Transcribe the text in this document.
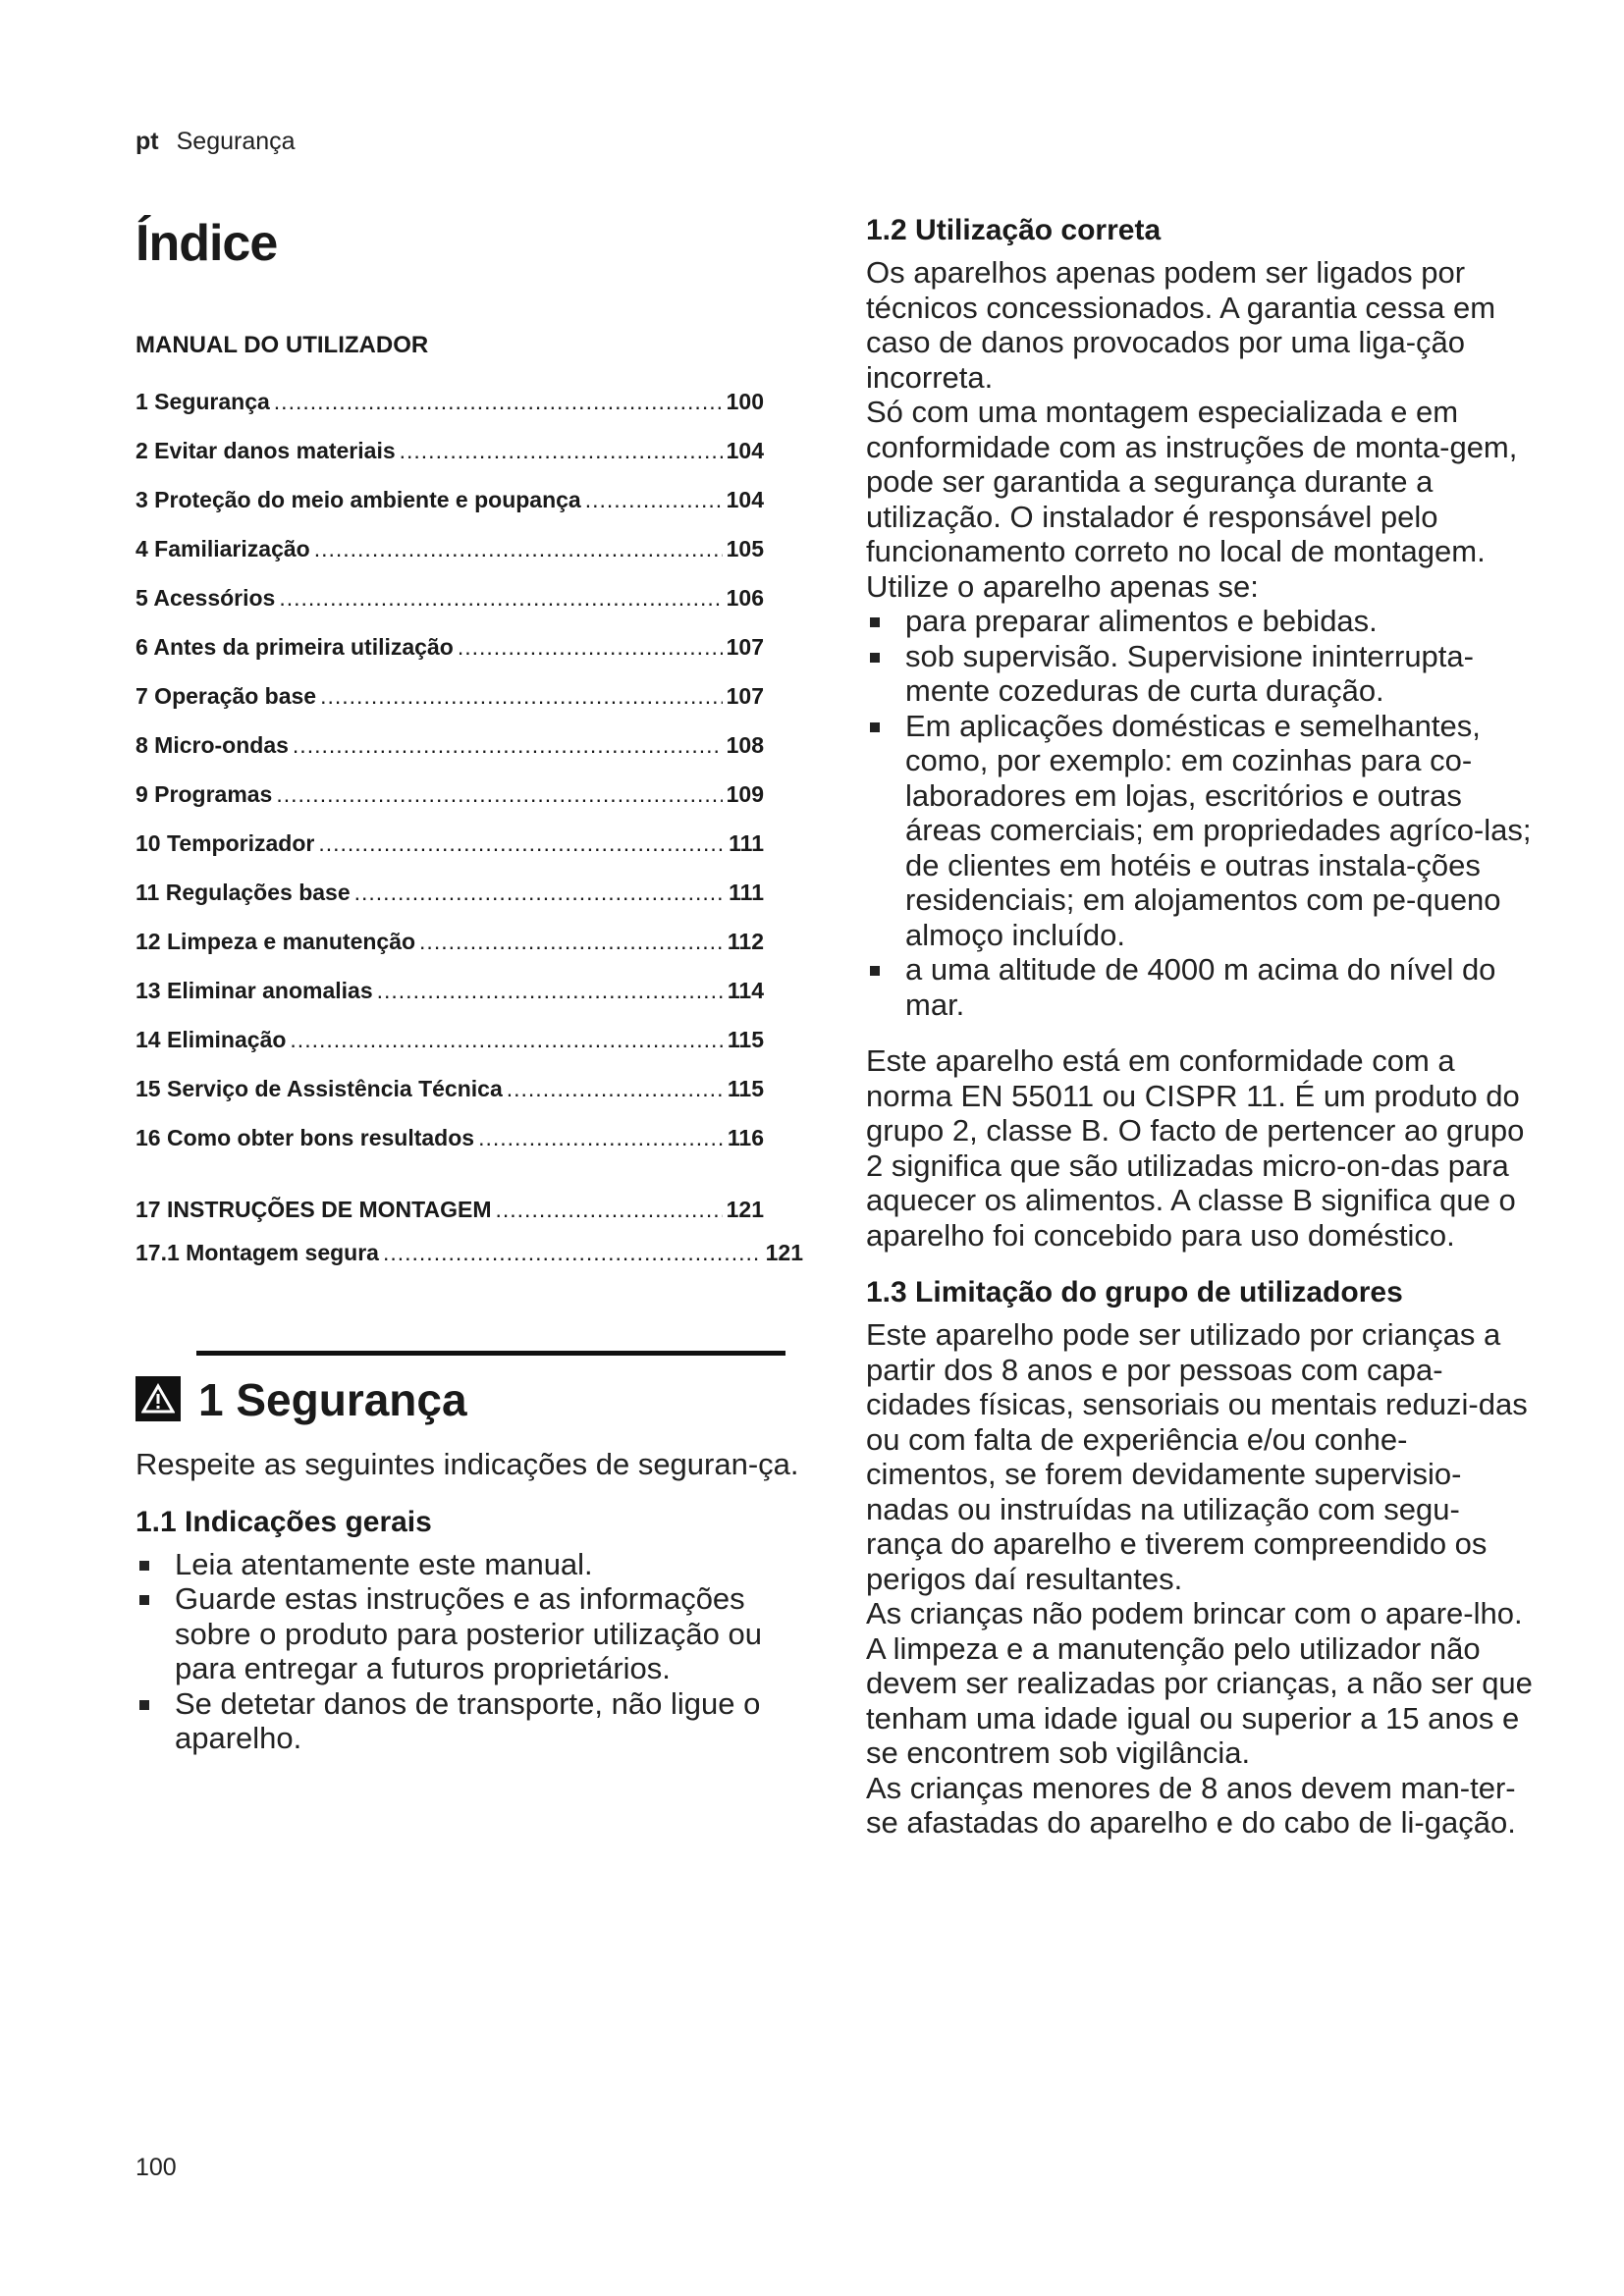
pt Segurança
Índice
MANUAL DO UTILIZADOR
1 Segurança .....	100
2 Evitar danos materiais .....	104
3 Proteção do meio ambiente e poupança .....	104
4 Familiarização .....	105
5 Acessórios .....	106
6 Antes da primeira utilização .....	107
7 Operação base .....	107
8 Micro-ondas .....	108
9 Programas .....	109
10 Temporizador .....	111
11 Regulações base .....	111
12 Limpeza e manutenção .....	112
13 Eliminar anomalias .....	114
14 Eliminação .....	115
15 Serviço de Assistência Técnica .....	115
16 Como obter bons resultados .....	116
17 INSTRUÇÕES DE MONTAGEM .....	121
17.1 Montagem segura .....	121
1 Segurança

Respeite as seguintes indicações de seguran-ça.

1.1 Indicações gerais
Leia atentamente este manual.
Guarde estas instruções e as informações sobre o produto para posterior utilização ou para entregar a futuros proprietários.
Se detetar danos de transporte, não ligue o aparelho.
1.2 Utilização correta

Os aparelhos apenas podem ser ligados por técnicos concessionados. A garantia cessa em caso de danos provocados por uma liga-ção incorreta.

Só com uma montagem especializada e em conformidade com as instruções de monta-gem, pode ser garantida a segurança durante a utilização. O instalador é responsável pelo funcionamento correto no local de montagem.

Utilize o aparelho apenas se:

para preparar alimentos e bebidas.
sob supervisão. Supervisione ininterrupta-mente cozeduras de curta duração.
Em aplicações domésticas e semelhantes, como, por exemplo: em cozinhas para co-laboradores em lojas, escritórios e outras áreas comerciais; em propriedades agríco-las; de clientes em hotéis e outras instala-ções residenciais; em alojamentos com pe-queno almoço incluído.
a uma altitude de 4000 m acima do nível do mar.

Este aparelho está em conformidade com a norma EN 55011 ou CISPR 11. É um produto do grupo 2, classe B. O facto de pertencer ao grupo 2 significa que são utilizadas micro-on-das para aquecer os alimentos. A classe B significa que o aparelho foi concebido para uso doméstico.

1.3 Limitação do grupo de utilizadores

Este aparelho pode ser utilizado por crianças a partir dos 8 anos e por pessoas com capa-cidades físicas, sensoriais ou mentais reduzi-das ou com falta de experiência e/ou conhe-cimentos, se forem devidamente supervisio-nadas ou instruídas na utilização com segu-rança do aparelho e tiverem compreendido os perigos daí resultantes.

As crianças não podem brincar com o apare-lho.

A limpeza e a manutenção pelo utilizador não devem ser realizadas por crianças, a não ser que tenham uma idade igual ou superior a 15 anos e se encontrem sob vigilância.

As crianças menores de 8 anos devem man-ter-se afastadas do aparelho e do cabo de li-gação.

100
